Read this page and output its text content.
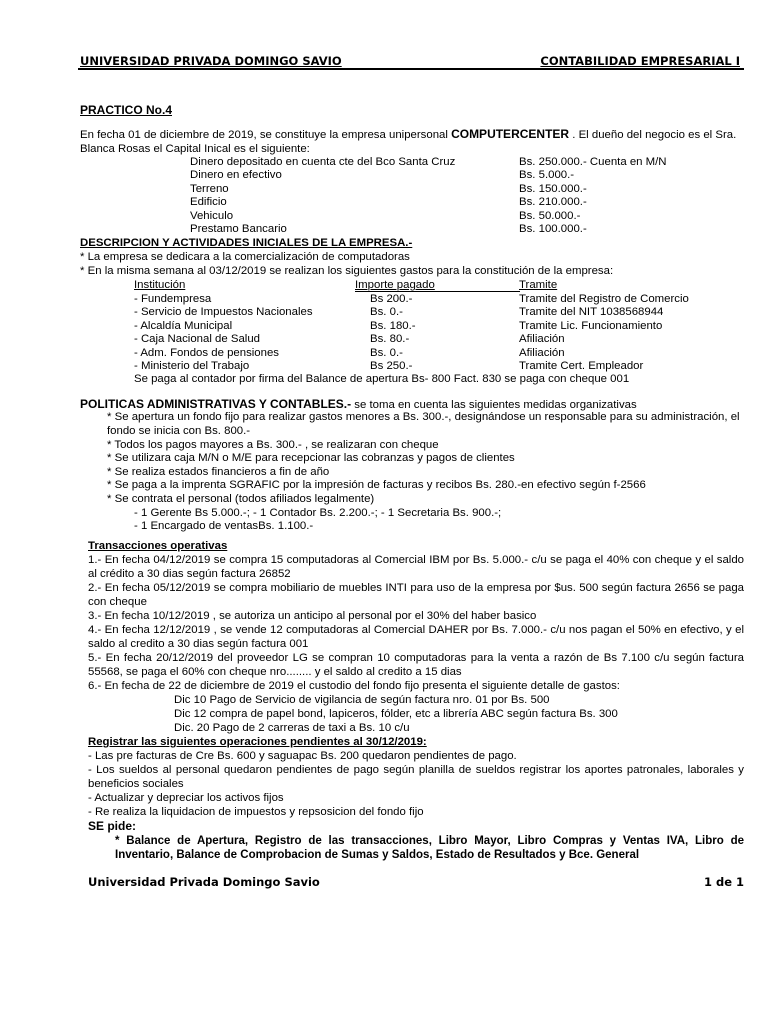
UNIVERSIDAD PRIVADA DOMINGO SAVIO	CONTABILIDAD EMPRESARIAL I
PRACTICO No.4
En fecha 01 de diciembre de 2019, se constituye la empresa unipersonal COMPUTERCENTER . El dueño del negocio es el Sra. Blanca Rosas el Capital Inical es el siguiente:
Dinero depositado en cuenta cte del Bco Santa Cruz	Bs. 250.000.- Cuenta en M/N
Dinero en efectivo	Bs. 5.000.-
Terreno	Bs. 150.000.-
Edificio	Bs. 210.000.-
Vehiculo	Bs. 50.000.-
Prestamo Bancario	Bs. 100.000.-
DESCRIPCION Y ACTIVIDADES INICIALES DE LA EMPRESA.-
* La empresa se dedicara a la comercialización de computadoras
* En la misma semana al 03/12/2019 se realizan los siguientes gastos para la constitución de la empresa:
Institución	Importe pagado	Tramite
- Fundempresa	Bs 200.-	Tramite del Registro de Comercio
- Servicio de Impuestos Nacionales	Bs. 0.-	Tramite del NIT 1038568944
- Alcaldía Municipal	Bs. 180.-	Tramite Lic. Funcionamiento
- Caja Nacional de Salud	Bs. 80.-	Afiliación
- Adm. Fondos de pensiones	Bs. 0.-	Afiliación
- Ministerio del Trabajo	Bs 250.-	Tramite Cert. Empleador
Se paga al contador por firma del Balance de apertura Bs- 800 Fact. 830 se paga con cheque 001
POLITICAS ADMINISTRATIVAS Y CONTABLES.- se toma en cuenta las siguientes medidas organizativas
* Se apertura un fondo fijo para realizar gastos menores a Bs. 300.-, designándose un responsable para su administración, el fondo se inicia con Bs. 800.-
* Todos los pagos mayores a Bs. 300.- , se realizaran con cheque
* Se utilizara caja M/N o M/E para recepcionar las cobranzas y pagos de clientes
* Se realiza estados financieros a fin de año
* Se paga a la imprenta SGRAFIC por la impresión de facturas y recibos Bs. 280.-en efectivo según f-2566
* Se contrata el personal (todos afiliados legalmente)
- 1 Gerente Bs 5.000.-; - 1 Contador Bs. 2.200.-; - 1 Secretaria Bs. 900.-;
- 1 Encargado de ventasBs. 1.100.-
Transacciones operativas
1.- En fecha 04/12/2019 se compra 15 computadoras al Comercial IBM por Bs. 5.000.- c/u se paga el 40% con cheque y el saldo al crédito a 30 dias según factura 26852
2.- En fecha 05/12/2019 se compra mobiliario de muebles INTI para uso de la empresa por $us. 500 según factura 2656 se paga con cheque
3.- En fecha 10/12/2019 , se autoriza un anticipo al personal por el 30% del haber basico
4.- En fecha 12/12/2019 , se vende 12 computadoras al Comercial DAHER por Bs. 7.000.- c/u nos pagan el 50% en efectivo, y el saldo al credito a 30 dias según factura 001
5.- En fecha 20/12/2019 del proveedor LG se compran 10 computadoras para la venta a razón de Bs 7.100 c/u según factura 55568, se paga el 60% con cheque nro........ y el saldo al credito a 15 dias
6.- En fecha de 22 de diciembre de 2019 el custodio del fondo fijo presenta el siguiente detalle de gastos:
Dic 10 Pago de Servicio de vigilancia de según factura nro. 01 por Bs. 500
Dic 12 compra de papel bond, lapiceros, fólder, etc a librería ABC según factura Bs. 300
Dic. 20 Pago de 2 carreras de taxi a Bs. 10 c/u
Registrar las siguientes operaciones pendientes al 30/12/2019:
- Las pre facturas de Cre Bs. 600 y saguapac Bs. 200 quedaron pendientes de pago.
- Los sueldos al personal quedaron pendientes de pago según planilla de sueldos registrar los aportes patronales, laborales y beneficios sociales
- Actualizar y depreciar los activos fijos
- Re realiza la liquidacion de impuestos y repsosicion del fondo fijo
SE pide:
* Balance de Apertura, Registro de las transacciones, Libro Mayor, Libro Compras y Ventas IVA, Libro de Inventario, Balance de Comprobacion de Sumas y Saldos, Estado de Resultados y Bce. General
Universidad Privada Domingo Savio	1 de 1
